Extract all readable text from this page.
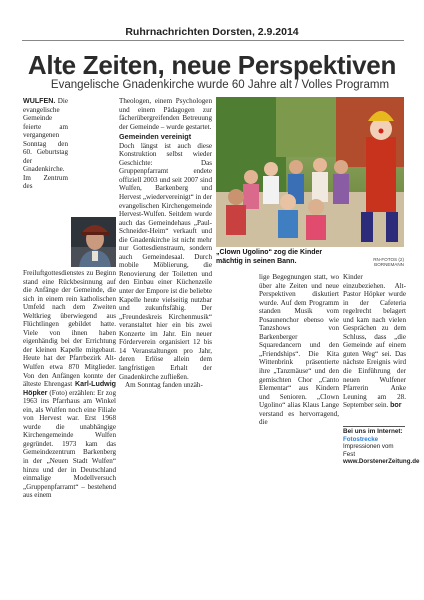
Ruhrnachrichten Dorsten, 2.9.2014
Alte Zeiten, neue Perspektiven
Evangelische Gnadenkirche wurde 60 Jahre alt / Volles Programm

WULFEN. Die evangelische Gemeinde feierte am vergangenen Sonntag den 60. Geburtstag der Gnadenkirche. Im Zentrum des Freiluftgottesdienstes zu Beginn stand eine Rückbesinnung auf die Anfänge der Gemeinde, die sich in einem rein katholischen Umfeld nach dem Zweiten Weltkrieg überwiegend aus Flüchtlingen gebildet hatte. Viele von ihnen haben eigenhändig bei der Errichtung der kleinen Kapelle mitgebaut. Heute hat der Pfarrbezirk Alt-Wulfen etwa 870 Mitglieder. Von den Anfängen konnte der älteste Ehrengast Karl-Ludwig Höpker (Foto) erzählen: Er zog 1963 ins Pfarrhaus am Winkel ein, als Wulfen noch eine Filiale von Hervest war. Erst 1968 wurde die unabhängige Kirchengemeinde Wulfen gegründet. 1973 kam das Gemeindezentrum Barkenberg in der „Neuen Stadt Wulfen“ hinzu und der in Deutschland einmalige Modellversuch „Gruppenpfarramt“ – bestehend aus einem

Theologen, einem Psychologen und einem Pädagogen zur fächerübergreifenden Betreuung der Gemeinde – wurde gestartet.

Gemeinden vereinigt

Doch längst ist auch diese Konstruktion selbst wieder Geschichte: Das Gruppenpfarramt endete offiziell 2003 und seit 2007 sind Wulfen, Barkenberg und Hervest „wiedervereinigt“ in der evangelischen Kirchengemeinde Hervest-Wulfen. Seitdem wurde auch das Gemeindehaus „Paul-Schneider-Heim“ verkauft und die Gnadenkirche ist nicht mehr nur Gottesdienstraum, sondern auch Gemeindesaal. Durch mobile Möblierung, die Renovierung der Toiletten und den Einbau einer Küchenzeile unter der Empore ist die beliebte Kapelle heute vielseitig nutzbar und zukunftsfähig. Der „Freundeskreis Kirchenmusik“ veranstaltet hier ein bis zwei Konzerte im Jahr. Ein neuer Förderverein organisiert 12 bis 14 Veranstaltungen pro Jahr, deren Erlöse allein dem langfristigen Erhalt der Gnadenkirche zufließen.

Am Sonntag fanden unzäh-

„Clown Ugolino“ zog die Kinder mächtig in seinen Bann.	RN-FOTOS (2) BORNEMANN

lige Begegnungen statt, wo über alte Zeiten und neue Perspektiven diskutiert wurde. Auf dem Programm standen Musik vom Posaunenchor ebenso wie Tanzshows von Barkenberger Squaredancern und den „Friendships“. Die Kita Wittenbrink präsentierte ihre „Tanzmäuse“ und den gemischten Chor „Canto Elementar“ aus Kindern und Senioren. „Clown Ugolino“ alias Klaus Lange verstand es hervorragend, die

Kinder einzubeziehen. Alt-Pastor Höpker wurde in der Cafeteria regelrecht belagert und kam nach vielen Gesprächen zu dem Schluss, dass „die Gemeinde auf einem guten Weg“ sei. Das nächste Ereignis wird die Einführung der neuen Wulfener Pfarrerin Anke Leuning am 28. September sein. bor

Bei uns im Internet:
Fotostrecke Impressionen vom Fest
www.DorstenerZeitung.de
